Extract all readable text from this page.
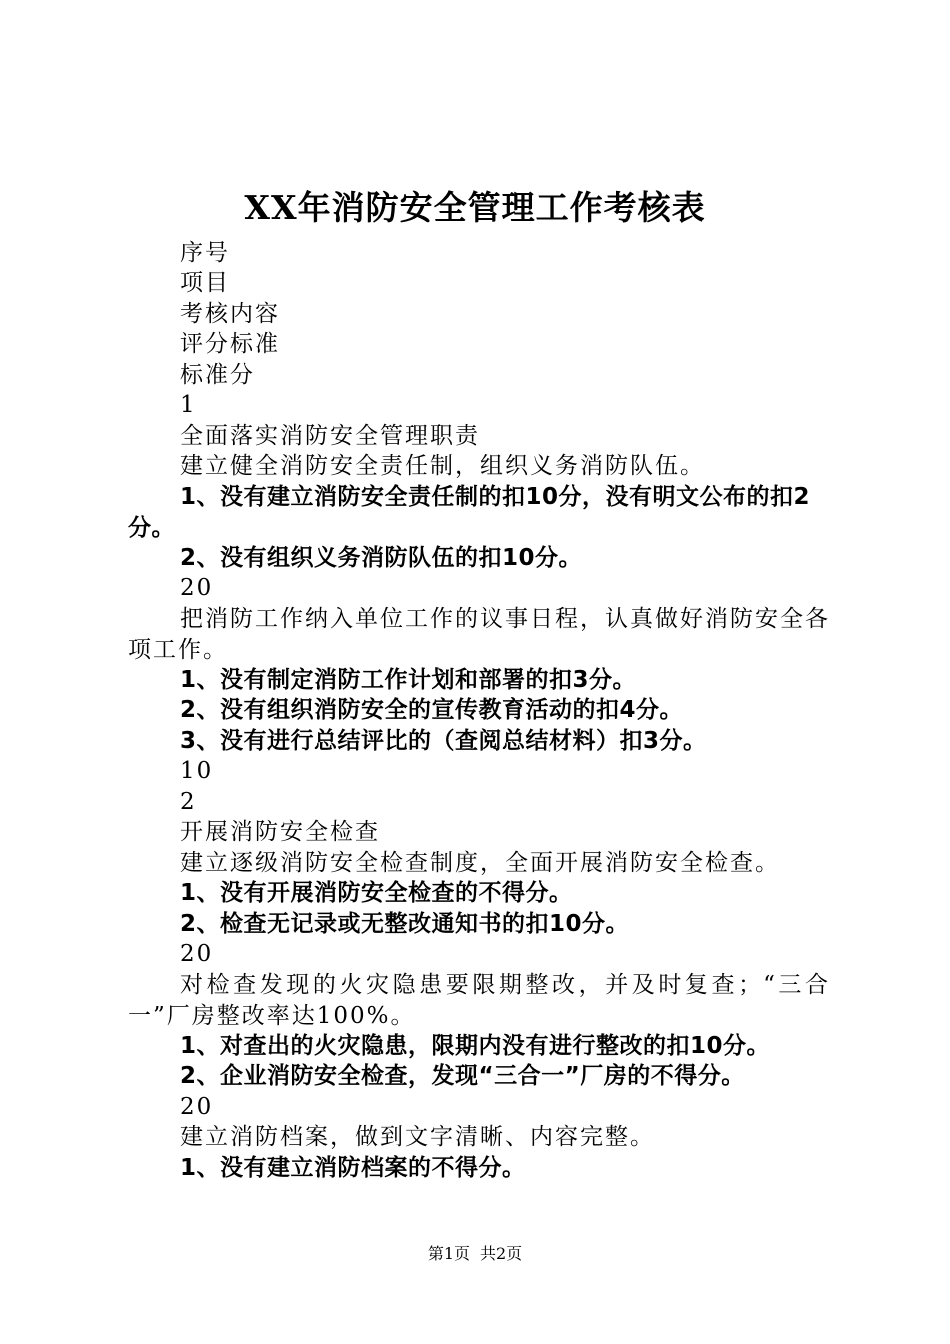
XX年消防安全管理工作考核表

序号

项目

考核内容

评分标准

标准分

1

全面落实消防安全管理职责

建立健全消防安全责任制，组织义务消防队伍。

1、没有建立消防安全责任制的扣10分，没有明文公布的扣2分。

2、没有组织义务消防队伍的扣10分。

20

把消防工作纳入单位工作的议事日程，认真做好消防安全各项工作。

1、没有制定消防工作计划和部署的扣3分。

2、没有组织消防安全的宣传教育活动的扣4分。

3、没有进行总结评比的（查阅总结材料）扣3分。

10

2

开展消防安全检查

建立逐级消防安全检查制度，全面开展消防安全检查。

1、没有开展消防安全检查的不得分。

2、检查无记录或无整改通知书的扣10分。

20

对检查发现的火灾隐患要限期整改，并及时复查；“三合一”厂房整改率达100%。

1、对查出的火灾隐患，限期内没有进行整改的扣10分。

2、企业消防安全检查，发现“三合一”厂房的不得分。

20

建立消防档案，做到文字清晰、内容完整。

1、没有建立消防档案的不得分。

第1页 共2页
